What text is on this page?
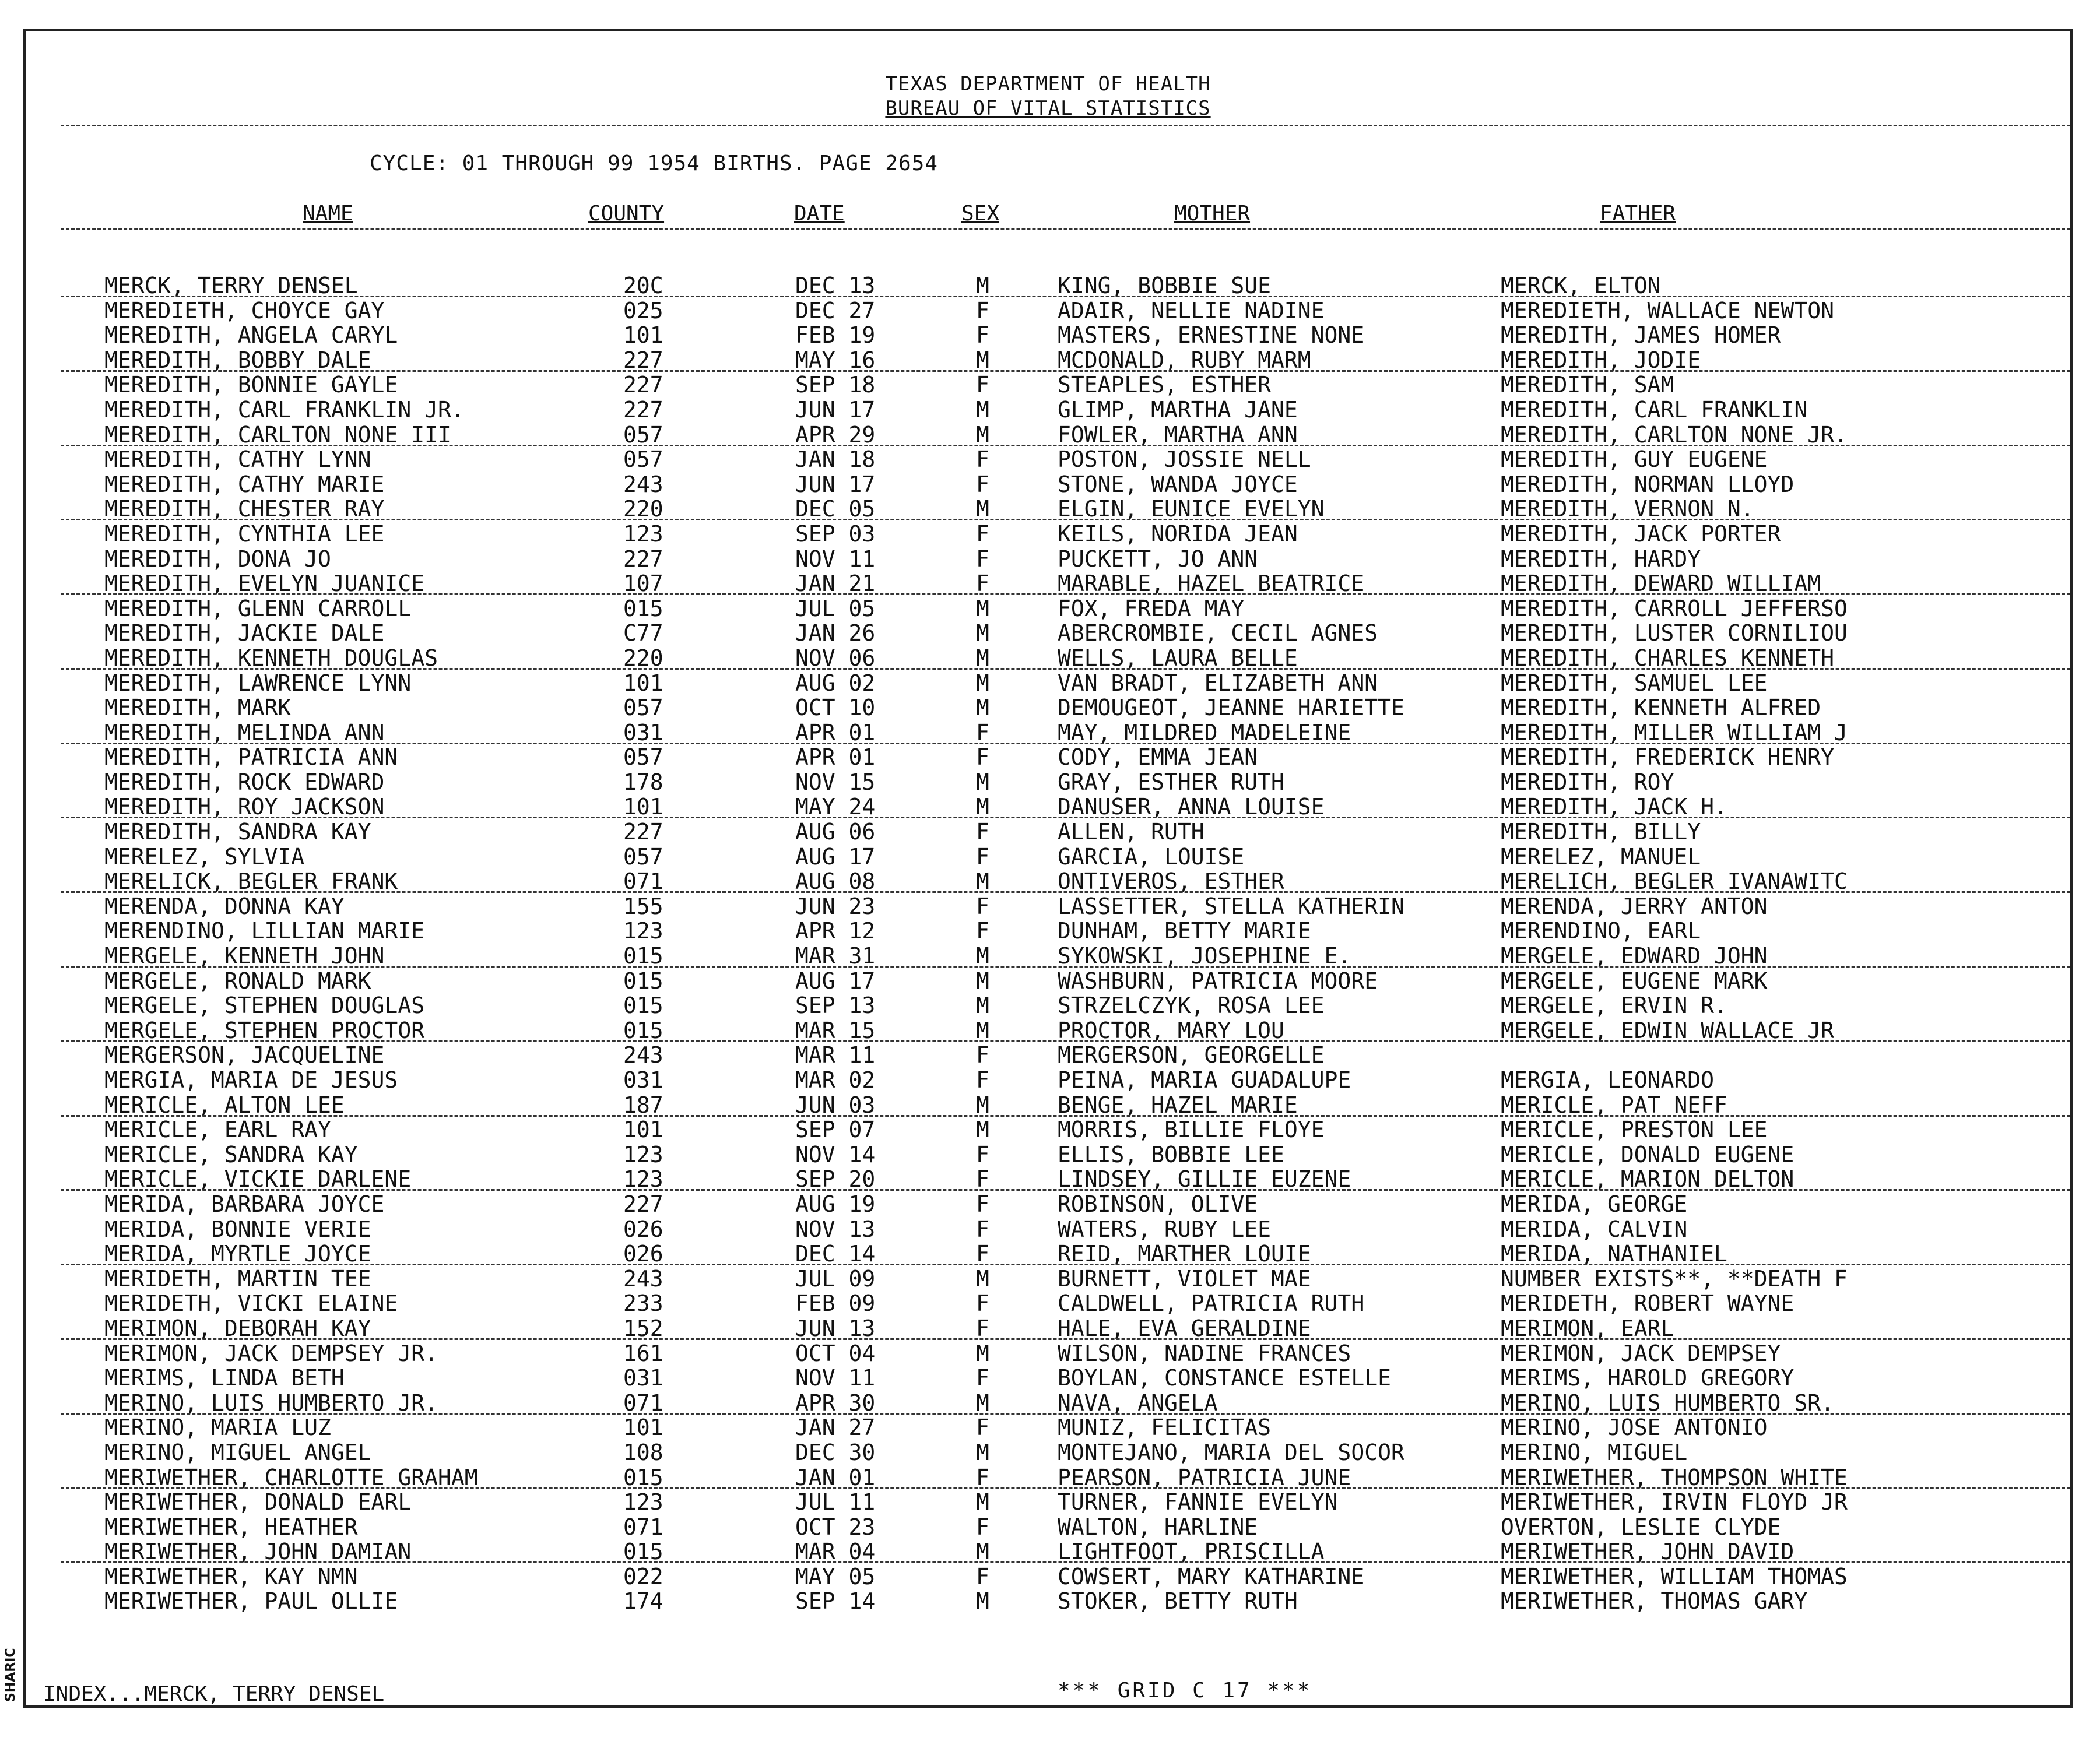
TEXAS DEPARTMENT OF HEALTH
BUREAU OF VITAL STATISTICS
CYCLE: 01 THROUGH 99 1954 BIRTHS. PAGE 2654
NAME	COUNTY	DATE	SEX	MOTHER	FATHER
MERCK, TERRY DENSEL	20C	DEC 13	M	KING, BOBBIE SUE	MERCK, ELTON
MEREDIETH, CHOYCE GAY	025	DEC 27	F	ADAIR, NELLIE NADINE	MEREDIETH, WALLACE NEWTON
MEREDITH, ANGELA CARYL	101	FEB 19	F	MASTERS, ERNESTINE NONE	MEREDITH, JAMES HOMER
MEREDITH, BOBBY DALE	227	MAY 16	M	MCDONALD, RUBY MARM	MEREDITH, JODIE
MEREDITH, BONNIE GAYLE	227	SEP 18	F	STEAPLES, ESTHER	MEREDITH, SAM
MEREDITH, CARL FRANKLIN JR.	227	JUN 17	M	GLIMP, MARTHA JANE	MEREDITH, CARL FRANKLIN
MEREDITH, CARLTON NONE III	057	APR 29	M	FOWLER, MARTHA ANN	MEREDITH, CARLTON NONE JR.
MEREDITH, CATHY LYNN	057	JAN 18	F	POSTON, JOSSIE NELL	MEREDITH, GUY EUGENE
MEREDITH, CATHY MARIE	243	JUN 17	F	STONE, WANDA JOYCE	MEREDITH, NORMAN LLOYD
MEREDITH, CHESTER RAY	220	DEC 05	M	ELGIN, EUNICE EVELYN	MEREDITH, VERNON N.
MEREDITH, CYNTHIA LEE	123	SEP 03	F	KEILS, NORIDA JEAN	MEREDITH, JACK PORTER
MEREDITH, DONA JO	227	NOV 11	F	PUCKETT, JO ANN	MEREDITH, HARDY
MEREDITH, EVELYN JUANICE	107	JAN 21	F	MARABLE, HAZEL BEATRICE	MEREDITH, DEWARD WILLIAM
MEREDITH, GLENN CARROLL	015	JUL 05	M	FOX, FREDA MAY	MEREDITH, CARROLL JEFFERSO
MEREDITH, JACKIE DALE	C77	JAN 26	M	ABERCROMBIE, CECIL AGNES	MEREDITH, LUSTER CORNILIOU
MEREDITH, KENNETH DOUGLAS	220	NOV 06	M	WELLS, LAURA BELLE	MEREDITH, CHARLES KENNETH
MEREDITH, LAWRENCE LYNN	101	AUG 02	M	VAN BRADT, ELIZABETH ANN	MEREDITH, SAMUEL LEE
MEREDITH, MARK	057	OCT 10	M	DEMOUGEOT, JEANNE HARIETTE	MEREDITH, KENNETH ALFRED
MEREDITH, MELINDA ANN	031	APR 01	F	MAY, MILDRED MADELEINE	MEREDITH, MILLER WILLIAM J
MEREDITH, PATRICIA ANN	057	APR 01	F	CODY, EMMA JEAN	MEREDITH, FREDERICK HENRY
MEREDITH, ROCK EDWARD	178	NOV 15	M	GRAY, ESTHER RUTH	MEREDITH, ROY
MEREDITH, ROY JACKSON	101	MAY 24	M	DANUSER, ANNA LOUISE	MEREDITH, JACK H.
MEREDITH, SANDRA KAY	227	AUG 06	F	ALLEN, RUTH	MEREDITH, BILLY
MERELEZ, SYLVIA	057	AUG 17	F	GARCIA, LOUISE	MERELEZ, MANUEL
MERELICK, BEGLER FRANK	071	AUG 08	M	ONTIVEROS, ESTHER	MERELICH, BEGLER IVANAWITC
MERENDA, DONNA KAY	155	JUN 23	F	LASSETTER, STELLA KATHERIN	MERENDA, JERRY ANTON
MERENDINO, LILLIAN MARIE	123	APR 12	F	DUNHAM, BETTY MARIE	MERENDINO, EARL
MERGELE, KENNETH JOHN	015	MAR 31	M	SYKOWSKI, JOSEPHINE E.	MERGELE, EDWARD JOHN
MERGELE, RONALD MARK	015	AUG 17	M	WASHBURN, PATRICIA MOORE	MERGELE, EUGENE MARK
MERGELE, STEPHEN DOUGLAS	015	SEP 13	M	STRZELCZYK, ROSA LEE	MERGELE, ERVIN R.
MERGELE, STEPHEN PROCTOR	015	MAR 15	M	PROCTOR, MARY LOU	MERGELE, EDWIN WALLACE JR
MERGERSON, JACQUELINE	243	MAR 11	F	MERGERSON, GEORGELLE
MERGIA, MARIA DE JESUS	031	MAR 02	F	PEINA, MARIA GUADALUPE	MERGIA, LEONARDO
MERICLE, ALTON LEE	187	JUN 03	M	BENGE, HAZEL MARIE	MERICLE, PAT NEFF
MERICLE, EARL RAY	101	SEP 07	M	MORRIS, BILLIE FLOYE	MERICLE, PRESTON LEE
MERICLE, SANDRA KAY	123	NOV 14	F	ELLIS, BOBBIE LEE	MERICLE, DONALD EUGENE
MERICLE, VICKIE DARLENE	123	SEP 20	F	LINDSEY, GILLIE EUZENE	MERICLE, MARION DELTON
MERIDA, BARBARA JOYCE	227	AUG 19	F	ROBINSON, OLIVE	MERIDA, GEORGE
MERIDA, BONNIE VERIE	026	NOV 13	F	WATERS, RUBY LEE	MERIDA, CALVIN
MERIDA, MYRTLE JOYCE	026	DEC 14	F	REID, MARTHER LOUIE	MERIDA, NATHANIEL
MERIDETH, MARTIN TEE	243	JUL 09	M	BURNETT, VIOLET MAE	NUMBER EXISTS**, **DEATH F
MERIDETH, VICKI ELAINE	233	FEB 09	F	CALDWELL, PATRICIA RUTH	MERIDETH, ROBERT WAYNE
MERIMON, DEBORAH KAY	152	JUN 13	F	HALE, EVA GERALDINE	MERIMON, EARL
MERIMON, JACK DEMPSEY JR.	161	OCT 04	M	WILSON, NADINE FRANCES	MERIMON, JACK DEMPSEY
MERIMS, LINDA BETH	031	NOV 11	F	BOYLAN, CONSTANCE ESTELLE	MERIMS, HAROLD GREGORY
MERINO, LUIS HUMBERTO JR.	071	APR 30	M	NAVA, ANGELA	MERINO, LUIS HUMBERTO SR.
MERINO, MARIA LUZ	101	JAN 27	F	MUNIZ, FELICITAS	MERINO, JOSE ANTONIO
MERINO, MIGUEL ANGEL	108	DEC 30	M	MONTEJANO, MARIA DEL SOCOR	MERINO, MIGUEL
MERIWETHER, CHARLOTTE GRAHAM	015	JAN 01	F	PEARSON, PATRICIA JUNE	MERIWETHER, THOMPSON WHITE
MERIWETHER, DONALD EARL	123	JUL 11	M	TURNER, FANNIE EVELYN	MERIWETHER, IRVIN FLOYD JR
MERIWETHER, HEATHER	071	OCT 23	F	WALTON, HARLINE	OVERTON, LESLIE CLYDE
MERIWETHER, JOHN DAMIAN	015	MAR 04	M	LIGHTFOOT, PRISCILLA	MERIWETHER, JOHN DAVID
MERIWETHER, KAY NMN	022	MAY 05	F	COWSERT, MARY KATHARINE	MERIWETHER, WILLIAM THOMAS
MERIWETHER, PAUL OLLIE	174	SEP 14	M	STOKER, BETTY RUTH	MERIWETHER, THOMAS GARY
INDEX...MERCK, TERRY DENSEL	*** GRID C 17 ***
SHARIC
